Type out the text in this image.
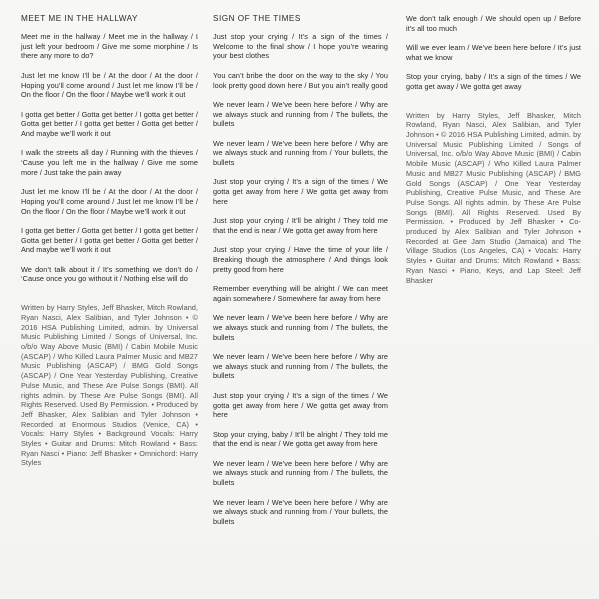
MEET ME IN THE HALLWAY
Meet me in the hallway / Meet me in the hallway / I just left your bedroom / Give me some morphine / Is there any more to do?
Just let me know I’ll be / At the door / At the door / Hoping you’ll come around / Just let me know I’ll be / On the floor / On the floor / Maybe we’ll work it out
I gotta get better / Gotta get better / I gotta get better / Gotta get better / I gotta get better / Gotta get better / And maybe we’ll work it out
I walk the streets all day / Running with the thieves / ‘Cause you left me in the hallway / Give me some more / Just take the pain away
Just let me know I’ll be / At the door / At the door / Hoping you’ll come around / Just let me know I’ll be / On the floor / On the floor / Maybe we’ll work it out
I gotta get better / Gotta get better / I gotta get better / Gotta get better / I gotta get better / Gotta get better / And maybe we’ll work it out
We don’t talk about it / It’s something we don’t do / ‘Cause once you go without it / Nothing else will do
Written by Harry Styles, Jeff Bhasker, Mitch Rowland, Ryan Nasci, Alex Salibian, and Tyler Johnson • © 2016 HSA Publishing Limited, admin. by Universal Music Publishing Limited / Songs of Universal, Inc. o/b/o Way Above Music (BMI) / Cabin Mobile Music (ASCAP) / Who Killed Laura Palmer Music and MB27 Music Publishing (ASCAP) / BMG Gold Songs (ASCAP) / One Year Yesterday Publishing, Creative Pulse Music, and These Are Pulse Songs (BMI). All rights admin. by These Are Pulse Songs (BMI). All Rights Reserved. Used By Permission. • Produced by Jeff Bhasker, Alex Salibian and Tyler Johnson • Recorded at Enormous Studios (Venice, CA) • Vocals: Harry Styles • Background Vocals: Harry Styles • Guitar and Drums: Mitch Rowland • Bass: Ryan Nasci • Piano: Jeff Bhasker • Omnichord: Harry Styles
SIGN OF THE TIMES
Just stop your crying / It’s a sign of the times / Welcome to the final show / I hope you’re wearing your best clothes
You can’t bribe the door on the way to the sky / You look pretty good down here / But you ain’t really good
We never learn / We’ve been here before / Why are we always stuck and running from / The bullets, the bullets
We never learn / We’ve been here before / Why are we always stuck and running from / Your bullets, the bullets
Just stop your crying / It’s a sign of the times / We gotta get away from here / We gotta get away from here
Just stop your crying / It’ll be alright / They told me that the end is near / We gotta get away from here
Just stop your crying / Have the time of your life / Breaking though the atmosphere / And things look pretty good from here
Remember everything will be alright / We can meet again somewhere / Somewhere far away from here
We never learn / We’ve been here before / Why are we always stuck and running from / The bullets, the bullets
We never learn / We’ve been here before / Why are we always stuck and running from / The bullets, the bullets
Just stop your crying / It’s a sign of the times / We gotta get away from here / We gotta get away from here
Stop your crying, baby / It’ll be alright / They told me that the end is near / We gotta get away from here
We never learn / We’ve been here before / Why are we always stuck and running from / The bullets, the bullets
We never learn / We’ve been here before / Why are we always stuck and running from / Your bullets, the bullets
We don’t talk enough / We should open up / Before it’s all too much
Will we ever learn / We’ve been here before / It’s just what we know
Stop your crying, baby / It’s a sign of the times / We gotta get away / We gotta get away
Written by Harry Styles, Jeff Bhasker, Mitch Rowland, Ryan Nasci, Alex Salibian, and Tyler Johnson • © 2016 HSA Publishing Limited, admin. by Universal Music Publishing Limited / Songs of Universal, Inc. o/b/o Way Above Music (BMI) / Cabin Mobile Music (ASCAP) / Who Killed Laura Palmer Music and MB27 Music Publishing (ASCAP) / BMG Gold Songs (ASCAP) / One Year Yesterday Publishing, Creative Pulse Music, and These Are Pulse Songs. All rights admin. by These Are Pulse Songs (BMI). All Rights Reserved. Used By Permission. • Produced by Jeff Bhasker • Co-produced by Alex Salibian and Tyler Johnson • Recorded at Gee Jam Studio (Jamaica) and The Village Studios (Los Angeles, CA) • Vocals: Harry Styles • Guitar and Drums: Mitch Rowland • Bass: Ryan Nasci • Piano, Keys, and Lap Steel: Jeff Bhasker
